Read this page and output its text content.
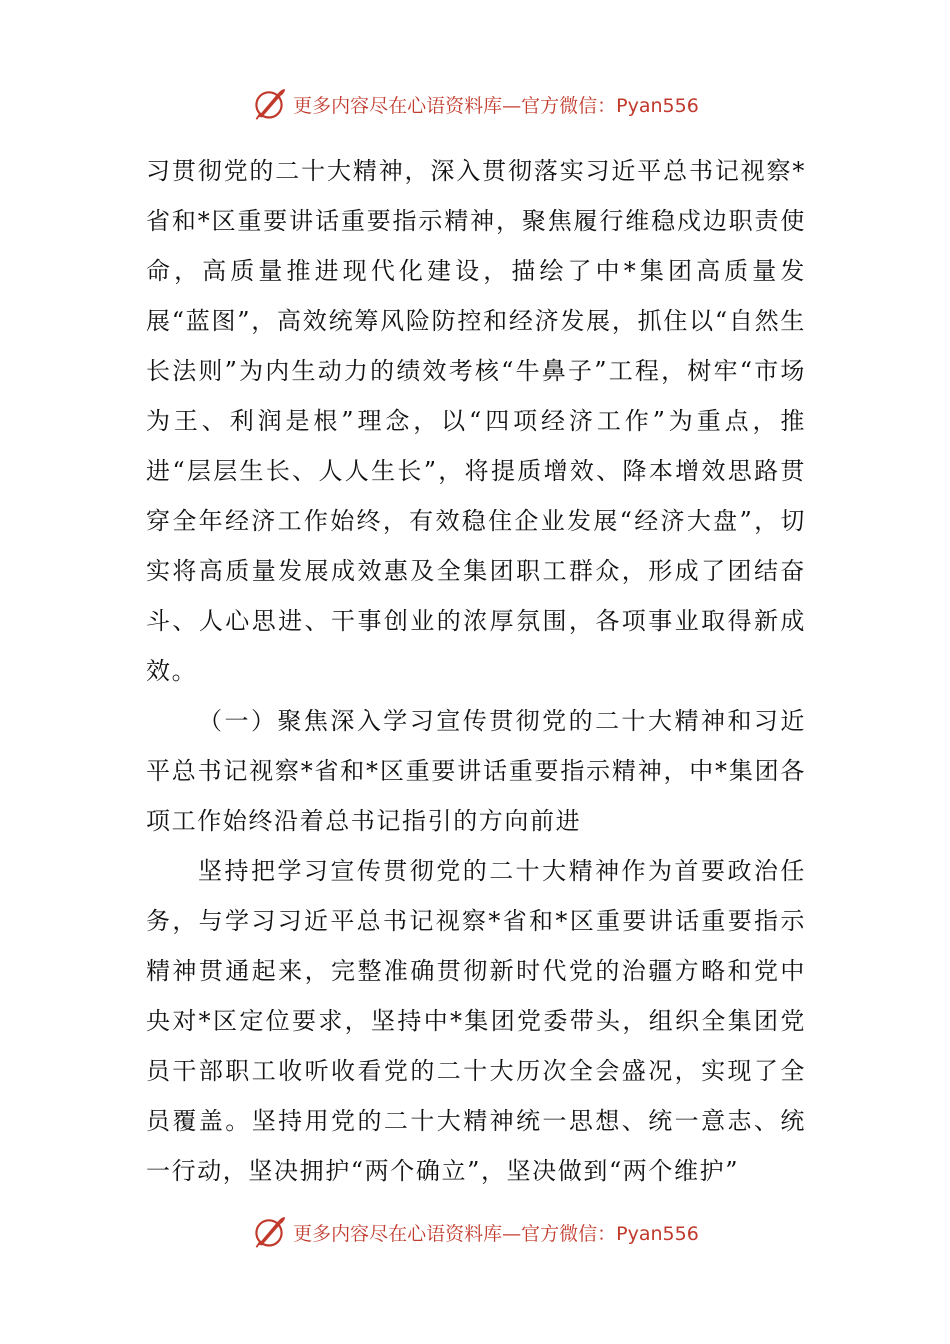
更多内容尽在心语资料库—官方微信：Pyan556

习贯彻党的二十大精神，深入贯彻落实习近平总书记视察*省和*区重要讲话重要指示精神，聚焦履行维稳戍边职责使命，高质量推进现代化建设，描绘了中*集团高质量发展“蓝图”，高效统筹风险防控和经济发展，抓住以“自然生长法则”为内生动力的绩效考核“牛鼻子”工程，树牢“市场为王、利润是根”理念，以“四项经济工作”为重点，推进“层层生长、人人生长”，将提质增效、降本增效思路贯穿全年经济工作始终，有效稳住企业发展“经济大盘”，切实将高质量发展成效惠及全集团职工群众，形成了团结奋斗、人心思进、干事创业的浓厚氛围，各项事业取得新成效。

（一）聚焦深入学习宣传贯彻党的二十大精神和习近平总书记视察*省和*区重要讲话重要指示精神，中*集团各项工作始终沿着总书记指引的方向前进

坚持把学习宣传贯彻党的二十大精神作为首要政治任务，与学习习近平总书记视察*省和*区重要讲话重要指示精神贯通起来，完整准确贯彻新时代党的治疆方略和党中央对*区定位要求，坚持中*集团党委带头，组织全集团党员干部职工收听收看党的二十大历次全会盛况，实现了全员覆盖。坚持用党的二十大精神统一思想、统一意志、统一行动，坚决拥护“两个确立”，坚决做到“两个维护”

更多内容尽在心语资料库—官方微信：Pyan556
